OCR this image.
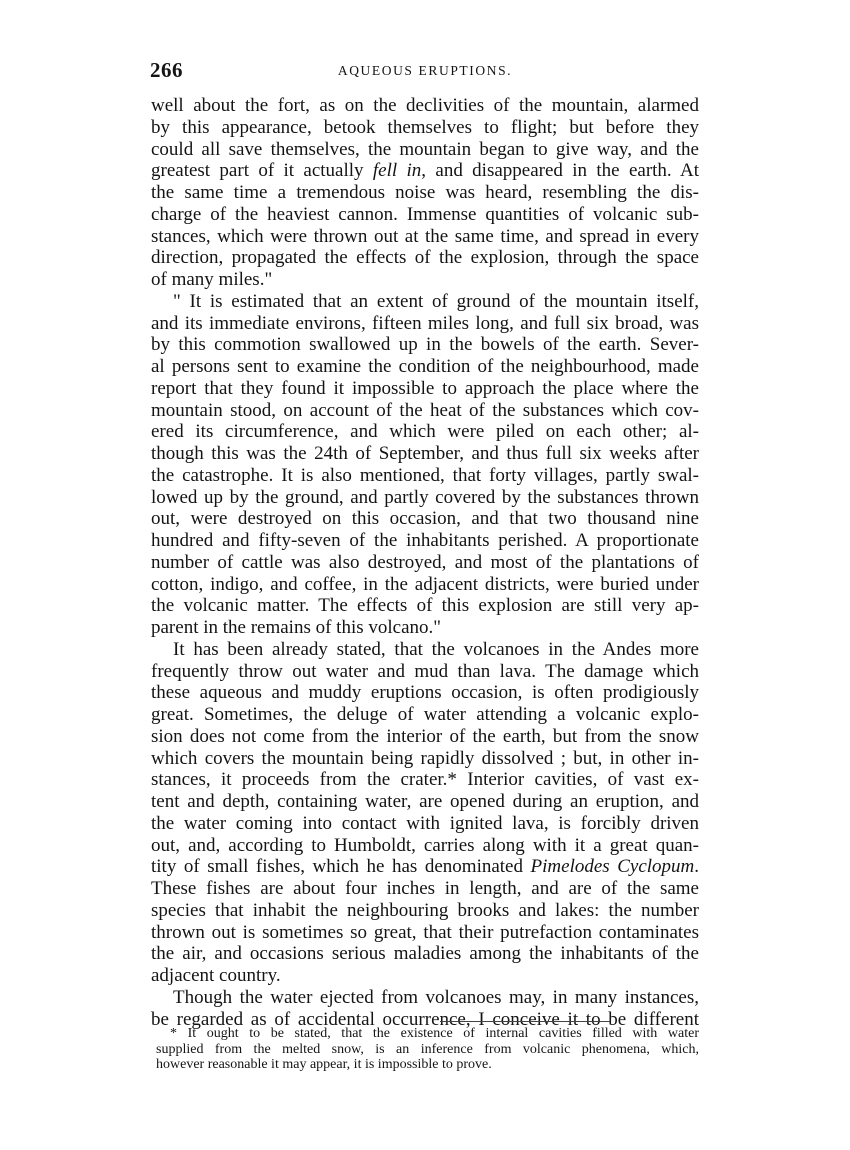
266	AQUEOUS ERUPTIONS.
well about the fort, as on the declivities of the mountain, alarmed
by this appearance, betook themselves to flight; but before they
could all save themselves, the mountain began to give way, and the
greatest part of it actually fell in, and disappeared in the earth. At
the same time a tremendous noise was heard, resembling the dis-
charge of the heaviest cannon. Immense quantities of volcanic sub-
stances, which were thrown out at the same time, and spread in every
direction, propagated the effects of the explosion, through the space
of many miles."
" It is estimated that an extent of ground of the mountain itself,
and its immediate environs, fifteen miles long, and full six broad, was
by this commotion swallowed up in the bowels of the earth. Sever-
al persons sent to examine the condition of the neighbourhood, made
report that they found it impossible to approach the place where the
mountain stood, on account of the heat of the substances which cov-
ered its circumference, and which were piled on each other; al-
though this was the 24th of September, and thus full six weeks after
the catastrophe. It is also mentioned, that forty villages, partly swal-
lowed up by the ground, and partly covered by the substances thrown
out, were destroyed on this occasion, and that two thousand nine
hundred and fifty-seven of the inhabitants perished. A proportionate
number of cattle was also destroyed, and most of the plantations of
cotton, indigo, and coffee, in the adjacent districts, were buried under
the volcanic matter. The effects of this explosion are still very ap-
parent in the remains of this volcano."
It has been already stated, that the volcanoes in the Andes more
frequently throw out water and mud than lava. The damage which
these aqueous and muddy eruptions occasion, is often prodigiously
great. Sometimes, the deluge of water attending a volcanic explo-
sion does not come from the interior of the earth, but from the snow
which covers the mountain being rapidly dissolved ; but, in other in-
stances, it proceeds from the crater.* Interior cavities, of vast ex-
tent and depth, containing water, are opened during an eruption, and
the water coming into contact with ignited lava, is forcibly driven
out, and, according to Humboldt, carries along with it a great quan-
tity of small fishes, which he has denominated Pimelodes Cyclopum.
These fishes are about four inches in length, and are of the same
species that inhabit the neighbouring brooks and lakes: the number
thrown out is sometimes so great, that their putrefaction contaminates
the air, and occasions serious maladies among the inhabitants of the
adjacent country.
Though the water ejected from volcanoes may, in many instances,
be regarded as of accidental occurrence, I conceive it to be different
* It ought to be stated, that the existence of internal cavities filled with water
supplied from the melted snow, is an inference from volcanic phenomena, which,
however reasonable it may appear, it is impossible to prove.
